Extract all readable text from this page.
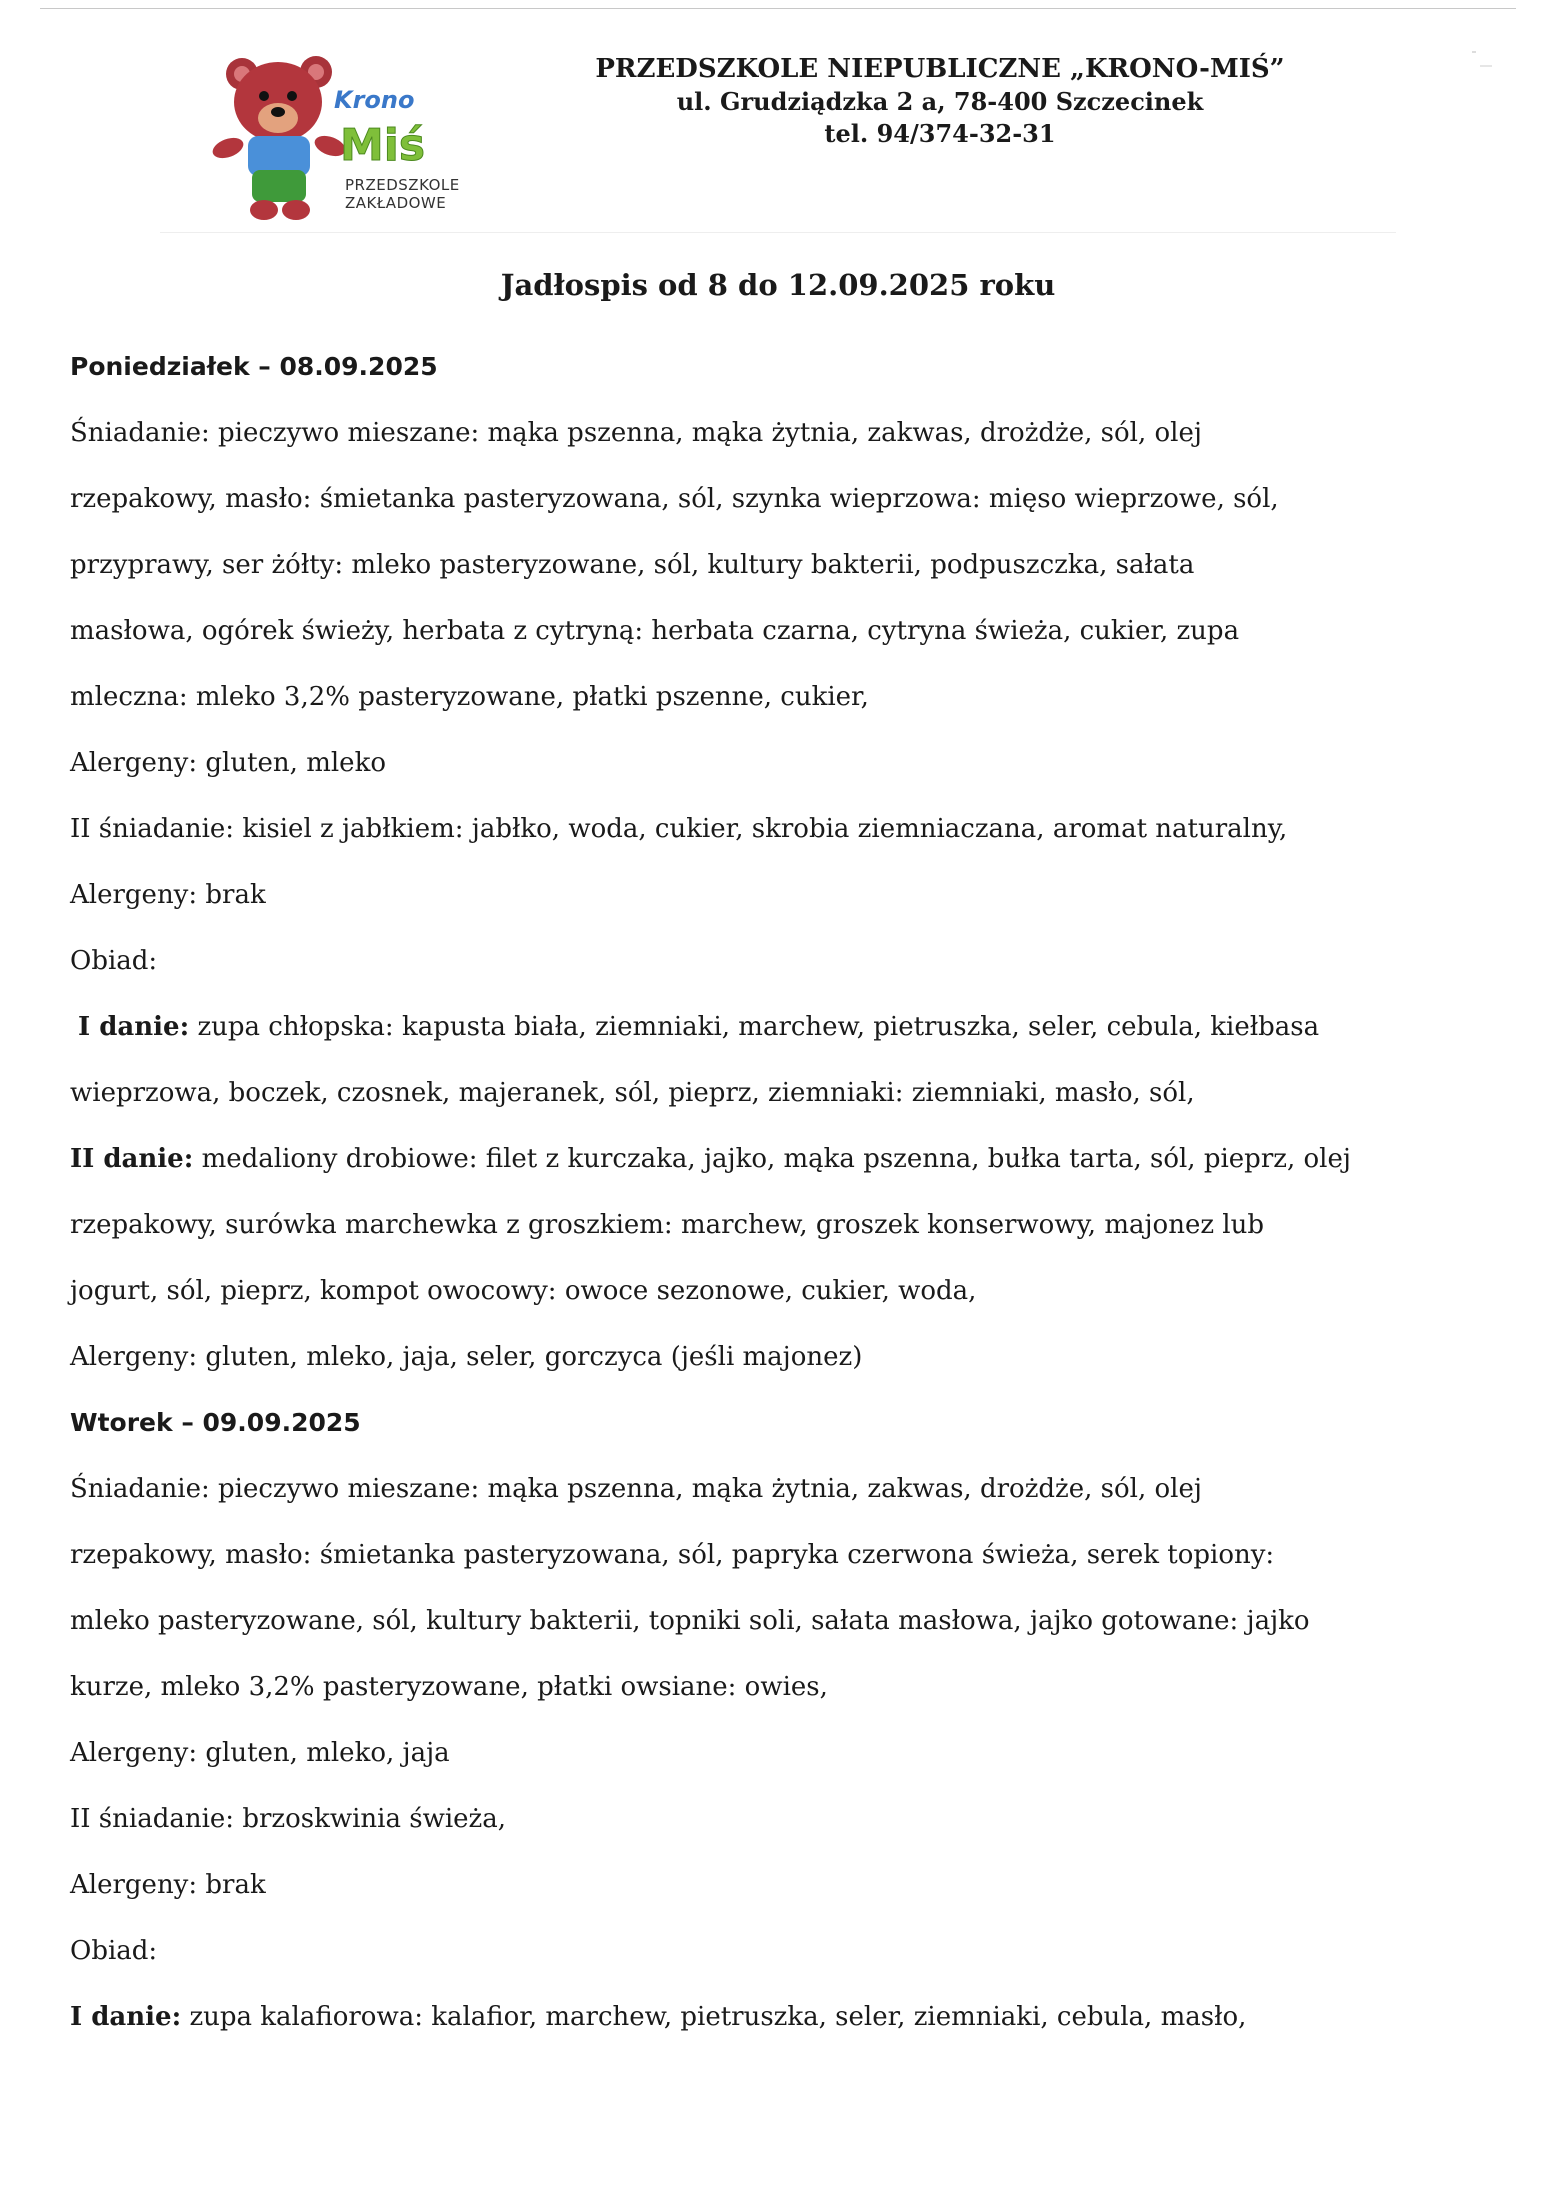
Krono
Miś
PRZEDSZKOLE
ZAKŁADOWE
PRZEDSZKOLE NIEPUBLICZNE „KRONO-MIŚ”
ul. Grudziądzka 2 a, 78-400 Szczecinek
tel. 94/374-32-31
Jadłospis od 8 do 12.09.2025 roku
Poniedziałek – 08.09.2025
Śniadanie: pieczywo mieszane: mąka pszenna, mąka żytnia, zakwas, drożdże, sól, olej
rzepakowy, masło: śmietanka pasteryzowana, sól, szynka wieprzowa: mięso wieprzowe, sól,
przyprawy, ser żółty: mleko pasteryzowane, sól, kultury bakterii, podpuszczka, sałata
masłowa, ogórek świeży, herbata z cytryną: herbata czarna, cytryna świeża, cukier, zupa
mleczna: mleko 3,2% pasteryzowane, płatki pszenne, cukier,
Alergeny: gluten, mleko
II śniadanie: kisiel z jabłkiem: jabłko, woda, cukier, skrobia ziemniaczana, aromat naturalny,
Alergeny: brak
Obiad:
I danie: zupa chłopska: kapusta biała, ziemniaki, marchew, pietruszka, seler, cebula, kiełbasa
wieprzowa, boczek, czosnek, majeranek, sól, pieprz, ziemniaki: ziemniaki, masło, sól,
II danie: medaliony drobiowe: filet z kurczaka, jajko, mąka pszenna, bułka tarta, sól, pieprz, olej
rzepakowy, surówka marchewka z groszkiem: marchew, groszek konserwowy, majonez lub
jogurt, sól, pieprz, kompot owocowy: owoce sezonowe, cukier, woda,
Alergeny: gluten, mleko, jaja, seler, gorczyca (jeśli majonez)
Wtorek – 09.09.2025
Śniadanie: pieczywo mieszane: mąka pszenna, mąka żytnia, zakwas, drożdże, sól, olej
rzepakowy, masło: śmietanka pasteryzowana, sól, papryka czerwona świeża, serek topiony:
mleko pasteryzowane, sól, kultury bakterii, topniki soli, sałata masłowa, jajko gotowane: jajko
kurze, mleko 3,2% pasteryzowane, płatki owsiane: owies,
Alergeny: gluten, mleko, jaja
II śniadanie: brzoskwinia świeża,
Alergeny: brak
Obiad:
I danie: zupa kalafiorowa: kalafior, marchew, pietruszka, seler, ziemniaki, cebula, masło,
